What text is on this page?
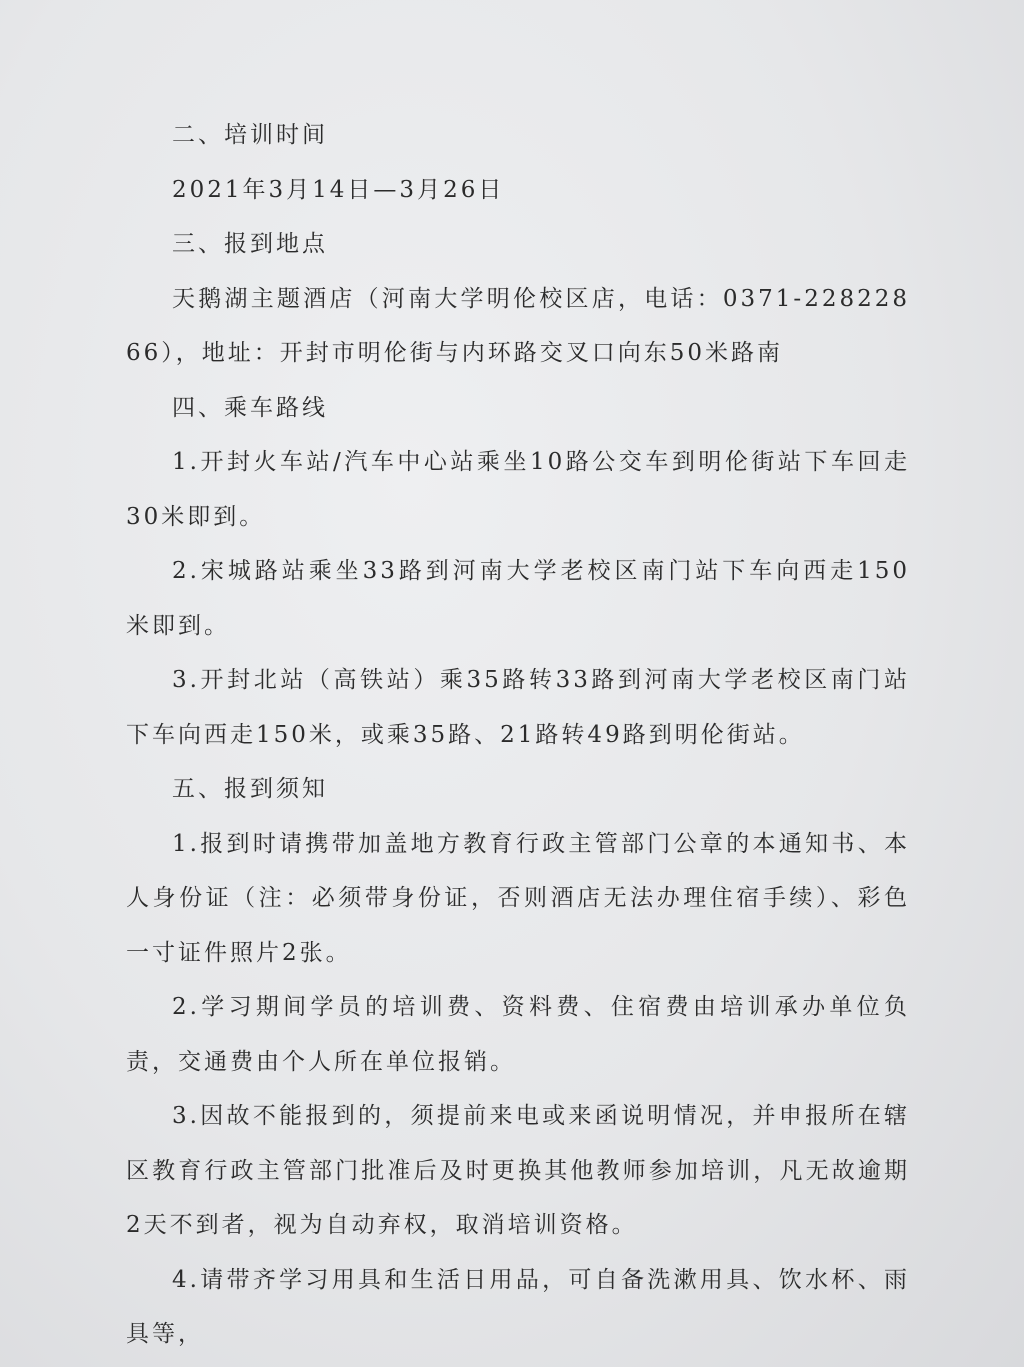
二、培训时间

2021年3月14日—3月26日

三、报到地点

天鹅湖主题酒店（河南大学明伦校区店，电话：0371-22822866），地址：开封市明伦街与内环路交叉口向东50米路南

四、乘车路线

1.开封火车站/汽车中心站乘坐10路公交车到明伦街站下车回走30米即到。

2.宋城路站乘坐33路到河南大学老校区南门站下车向西走150米即到。

3.开封北站（高铁站）乘35路转33路到河南大学老校区南门站下车向西走150米，或乘35路、21路转49路到明伦街站。

五、报到须知

1.报到时请携带加盖地方教育行政主管部门公章的本通知书、本人身份证（注：必须带身份证，否则酒店无法办理住宿手续）、彩色一寸证件照片2张。

2.学习期间学员的培训费、资料费、住宿费由培训承办单位负责，交通费由个人所在单位报销。

3.因故不能报到的，须提前来电或来函说明情况，并申报所在辖区教育行政主管部门批准后及时更换其他教师参加培训，凡无故逾期2天不到者，视为自动弃权，取消培训资格。

4.请带齐学习用具和生活日用品，可自备洗漱用具、饮水杯、雨具等，
